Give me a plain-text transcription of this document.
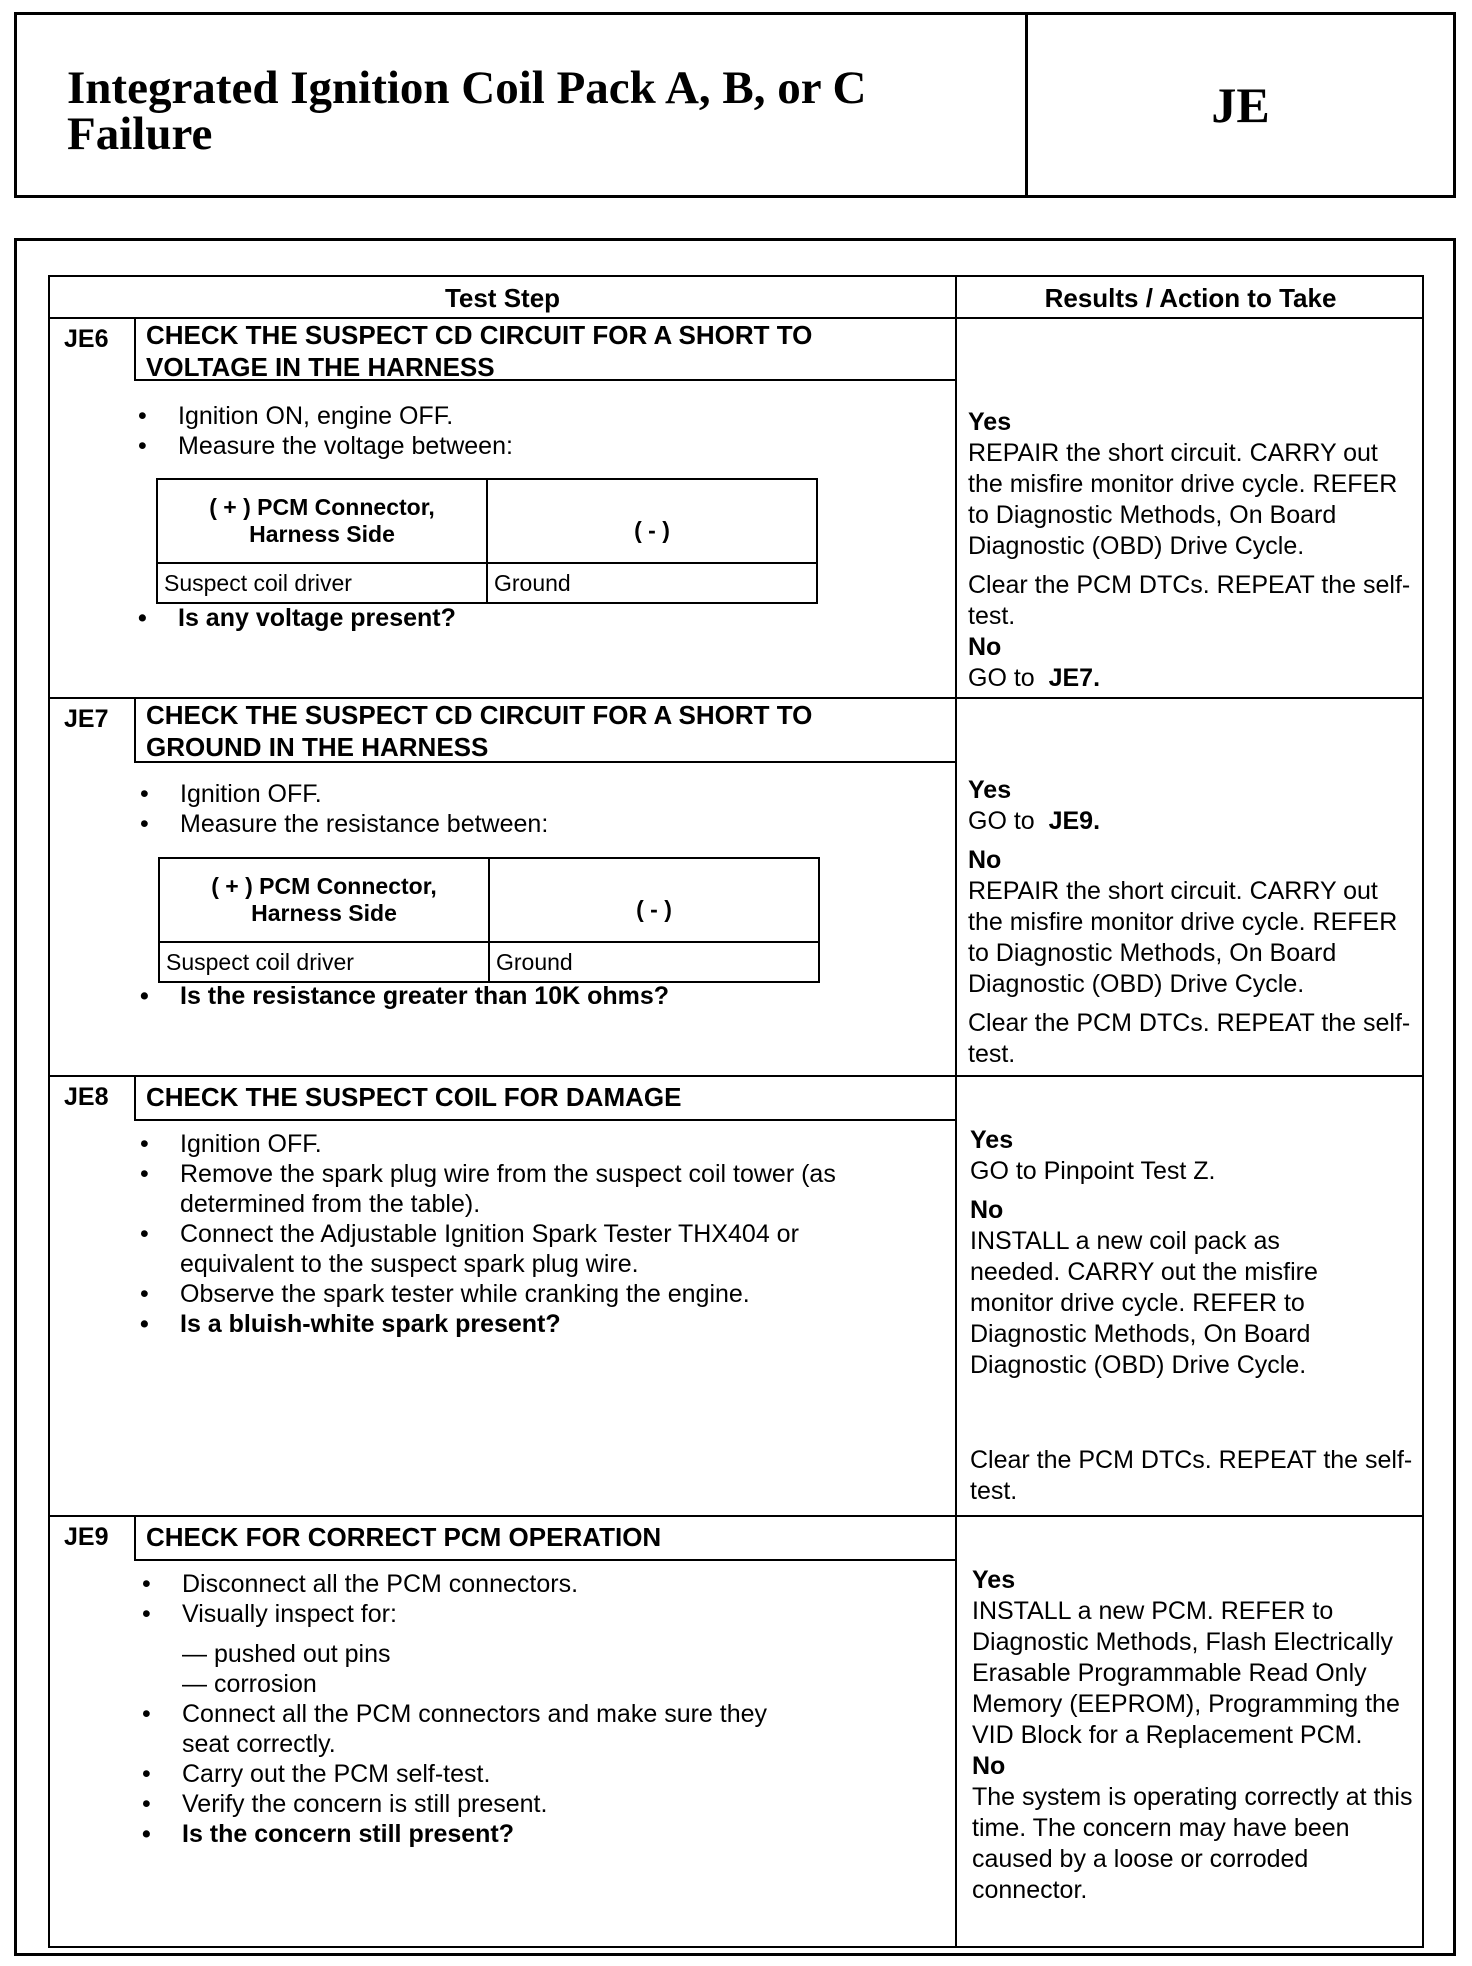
Integrated Ignition Coil Pack A, B, or C Failure
JE
Test Step	Results / Action to Take
JE6 CHECK THE SUSPECT CD CIRCUIT FOR A SHORT TO VOLTAGE IN THE HARNESS
• Ignition ON, engine OFF.
• Measure the voltage between:
( + ) PCM Connector, Harness Side	( - )
Suspect coil driver	Ground
• Is any voltage present?
Yes
REPAIR the short circuit. CARRY out the misfire monitor drive cycle. REFER to Diagnostic Methods, On Board Diagnostic (OBD) Drive Cycle.
Clear the PCM DTCs. REPEAT the self-test.
No
GO to JE7.
JE7 CHECK THE SUSPECT CD CIRCUIT FOR A SHORT TO GROUND IN THE HARNESS
• Ignition OFF.
• Measure the resistance between:
( + ) PCM Connector, Harness Side	( - )
Suspect coil driver	Ground
• Is the resistance greater than 10K ohms?
Yes
GO to JE9.
No
REPAIR the short circuit. CARRY out the misfire monitor drive cycle. REFER to Diagnostic Methods, On Board Diagnostic (OBD) Drive Cycle.
Clear the PCM DTCs. REPEAT the self-test.
JE8 CHECK THE SUSPECT COIL FOR DAMAGE
• Ignition OFF.
• Remove the spark plug wire from the suspect coil tower (as determined from the table).
• Connect the Adjustable Ignition Spark Tester THX404 or equivalent to the suspect spark plug wire.
• Observe the spark tester while cranking the engine.
• Is a bluish-white spark present?
Yes
GO to Pinpoint Test Z.
No
INSTALL a new coil pack as needed. CARRY out the misfire monitor drive cycle. REFER to Diagnostic Methods, On Board Diagnostic (OBD) Drive Cycle.
Clear the PCM DTCs. REPEAT the self-test.
JE9 CHECK FOR CORRECT PCM OPERATION
• Disconnect all the PCM connectors.
• Visually inspect for:
— pushed out pins
— corrosion
• Connect all the PCM connectors and make sure they seat correctly.
• Carry out the PCM self-test.
• Verify the concern is still present.
• Is the concern still present?
Yes
INSTALL a new PCM. REFER to Diagnostic Methods, Flash Electrically Erasable Programmable Read Only Memory (EEPROM), Programming the VID Block for a Replacement PCM.
No
The system is operating correctly at this time. The concern may have been caused by a loose or corroded connector.
